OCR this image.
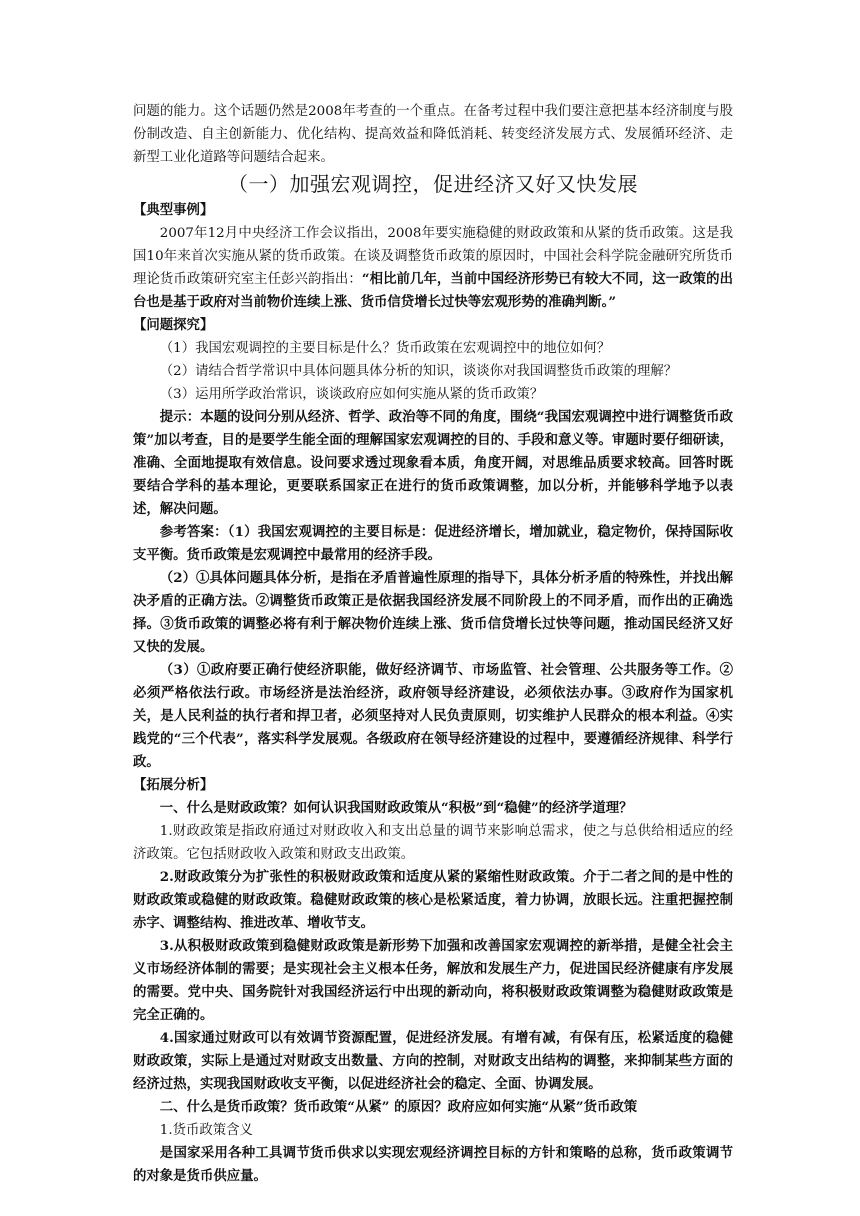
问题的能力。这个话题仍然是2008年考查的一个重点。在备考过程中我们要注意把基本经济制度与股份制改造、自主创新能力、优化结构、提高效益和降低消耗、转变经济发展方式、发展循环经济、走新型工业化道路等问题结合起来。

（一）加强宏观调控，促进经济又好又快发展

【典型事例】

2007年12月中央经济工作会议指出，2008年要实施稳健的财政政策和从紧的货币政策。这是我国10年来首次实施从紧的货币政策。在谈及调整货币政策的原因时，中国社会科学院金融研究所货币理论货币政策研究室主任彭兴韵指出：“相比前几年，当前中国经济形势已有较大不同，这一政策的出台也是基于政府对当前物价连续上涨、货币信贷增长过快等宏观形势的准确判断。”

【问题探究】

（1）我国宏观调控的主要目标是什么？货币政策在宏观调控中的地位如何？

（2）请结合哲学常识中具体问题具体分析的知识，谈谈你对我国调整货币政策的理解？

（3）运用所学政治常识，谈谈政府应如何实施从紧的货币政策？

提示：本题的设问分别从经济、哲学、政治等不同的角度，围绕“我国宏观调控中进行调整货币政策”加以考查，目的是要学生能全面的理解国家宏观调控的目的、手段和意义等。审题时要仔细研读，准确、全面地提取有效信息。设问要求透过现象看本质，角度开阔，对思维品质要求较高。回答时既要结合学科的基本理论，更要联系国家正在进行的货币政策调整，加以分析，并能够科学地予以表述，解决问题。

参考答案：（1）我国宏观调控的主要目标是：促进经济增长，增加就业，稳定物价，保持国际收支平衡。货币政策是宏观调控中最常用的经济手段。

（2）①具体问题具体分析，是指在矛盾普遍性原理的指导下，具体分析矛盾的特殊性，并找出解决矛盾的正确方法。②调整货币政策正是依据我国经济发展不同阶段上的不同矛盾，而作出的正确选择。③货币政策的调整必将有利于解决物价连续上涨、货币信贷增长过快等问题，推动国民经济又好又快的发展。

（3）①政府要正确行使经济职能，做好经济调节、市场监管、社会管理、公共服务等工作。② 必须严格依法行政。市场经济是法治经济，政府领导经济建设，必须依法办事。③政府作为国家机关，是人民利益的执行者和捍卫者，必须坚持对人民负责原则，切实维护人民群众的根本利益。④实践党的“三个代表”，落实科学发展观。各级政府在领导经济建设的过程中，要遵循经济规律、科学行政。

【拓展分析】

一、什么是财政政策？如何认识我国财政政策从“积极”到“稳健”的经济学道理？

1.财政政策是指政府通过对财政收入和支出总量的调节来影响总需求，使之与总供给相适应的经济政策。它包括财政收入政策和财政支出政策。

2.财政政策分为扩张性的积极财政政策和适度从紧的紧缩性财政政策。介于二者之间的是中性的财政政策或稳健的财政政策。稳健财政政策的核心是松紧适度，着力协调，放眼长远。注重把握控制赤字、调整结构、推进改革、增收节支。

3.从积极财政政策到稳健财政政策是新形势下加强和改善国家宏观调控的新举措，是健全社会主义市场经济体制的需要；是实现社会主义根本任务，解放和发展生产力，促进国民经济健康有序发展的需要。党中央、国务院针对我国经济运行中出现的新动向，将积极财政政策调整为稳健财政政策是完全正确的。

4.国家通过财政可以有效调节资源配置，促进经济发展。有增有减，有保有压，松紧适度的稳健财政政策，实际上是通过对财政支出数量、方向的控制，对财政支出结构的调整，来抑制某些方面的经济过热，实现我国财政收支平衡，以促进经济社会的稳定、全面、协调发展。

二、什么是货币政策？货币政策“从紧” 的原因？政府应如何实施“从紧”货币政策

1.货币政策含义

是国家采用各种工具调节货币供求以实现宏观经济调控目标的方针和策略的总称，货币政策调节的对象是货币供应量。
